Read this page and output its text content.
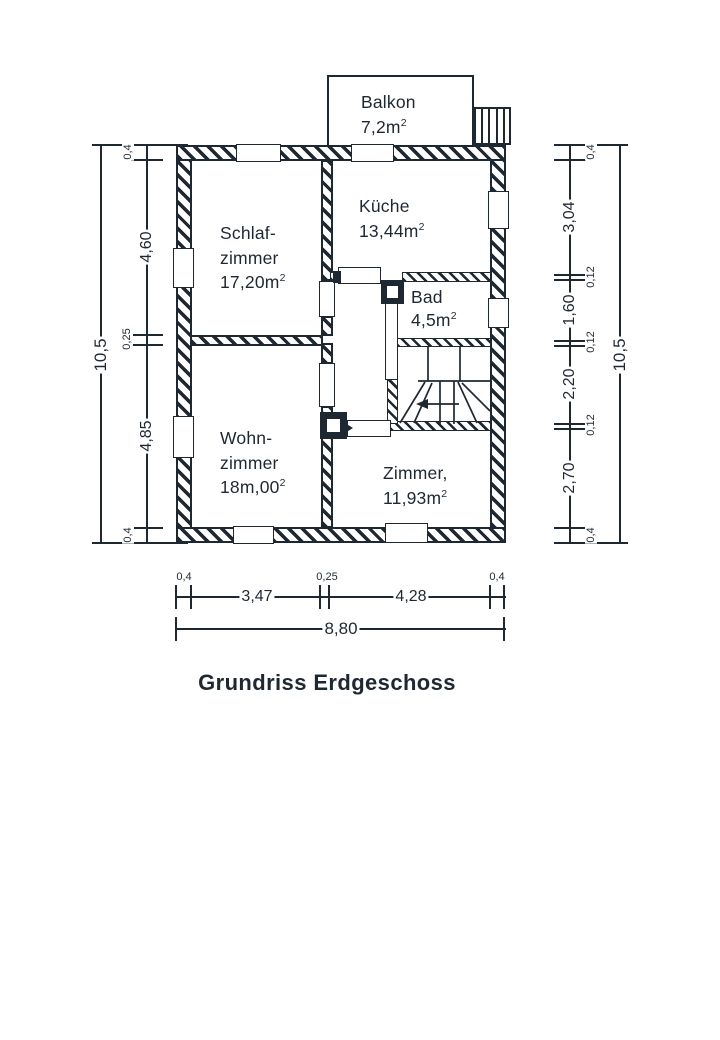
Balkon
$7,2m^2$
Schlaf-
zimmer
$17,20m^2$
Küche
$13,44m^2$
Bad
$4,5m^2$
Wohn-
zimmer
$18m,00^2$
Zimmer,
$11,93m^2$
10,5
0,4
4,60
0,25
4,85
0,4
0,4
3,04
0,12
1,60
0,12
2,20
0,12
2,70
0,4
10,5
0,4
3,47
0,25
4,28
0,4
8,80
Grundriss Erdgeschoss
